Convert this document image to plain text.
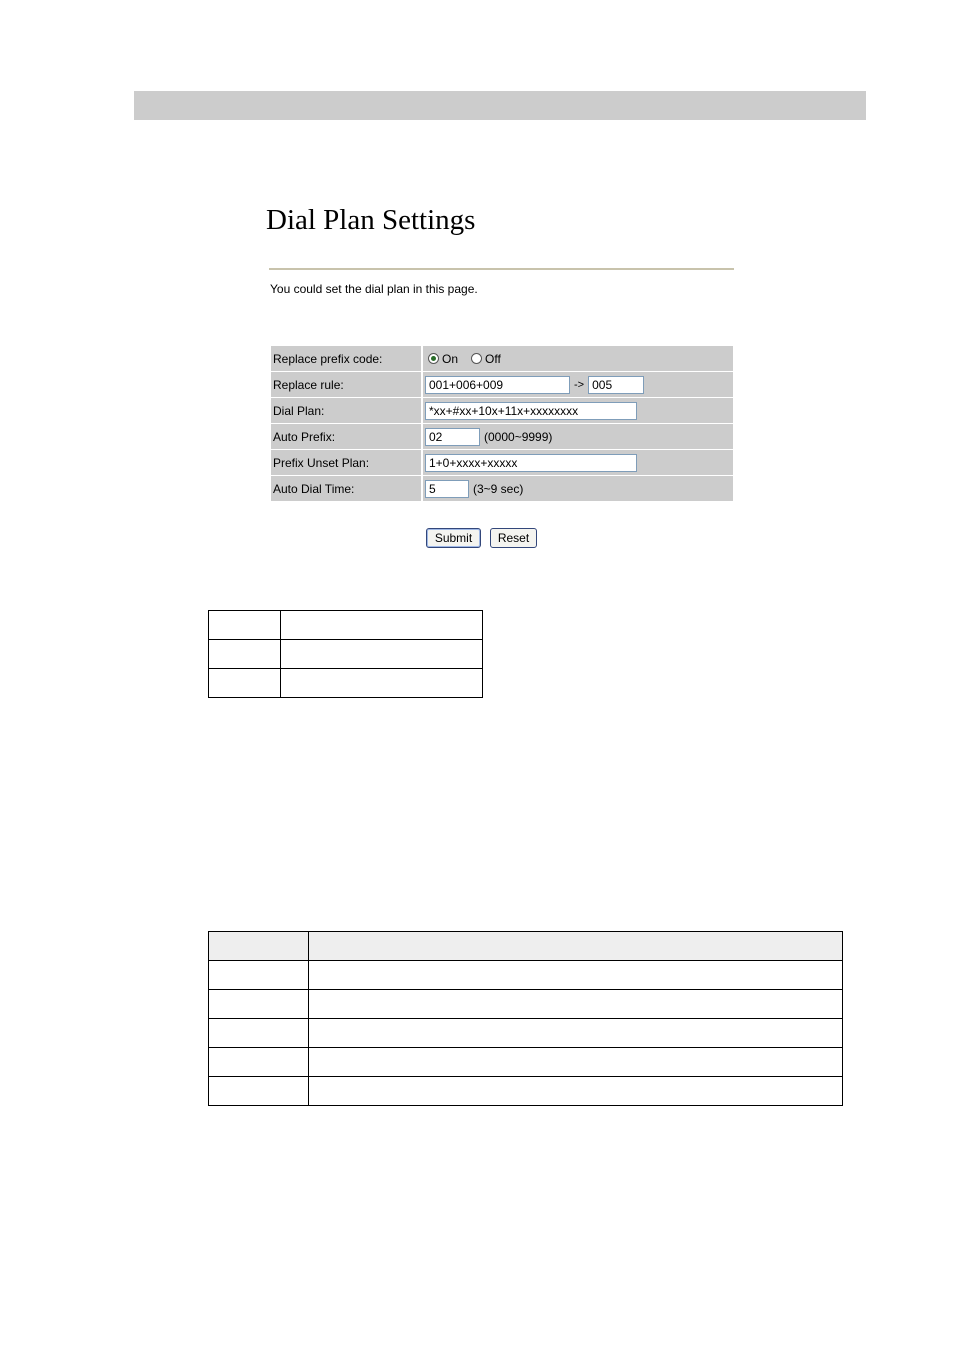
Dial Plan Settings
You could set the dial plan in this page.
Replace prefix code:	On Off
Replace rule:
001+006+009	->
005
Dial Plan:
*xx+#xx+10x+11x+xxxxxxxx
Auto Prefix:
02	(0000~9999)
Prefix Unset Plan:
1+0+xxxx+xxxxx
Auto Dial Time:
5	(3~9 sec)
Submit	Reset
